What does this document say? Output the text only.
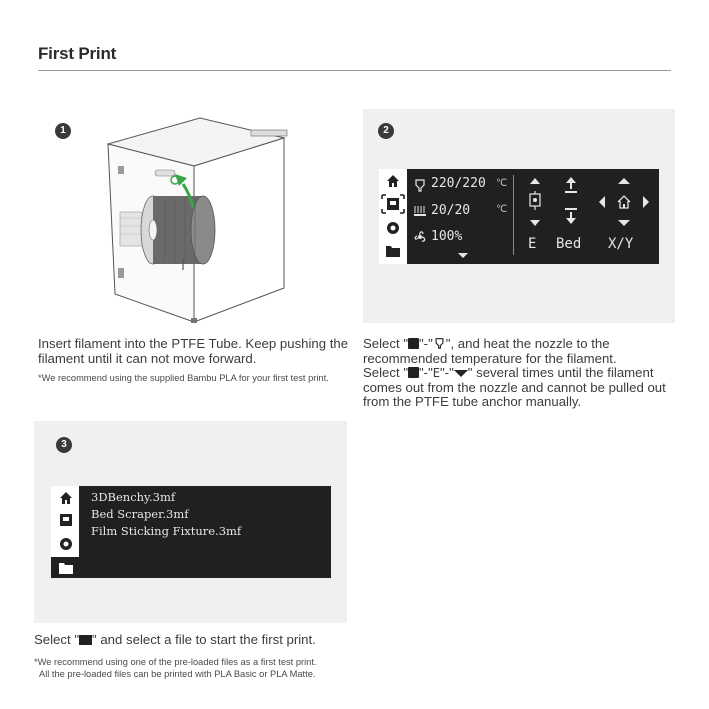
First Print
1
Insert filament into the PTFE Tube. Keep pushing the filament until it can not move forward.
*We recommend using the supplied Bambu PLA for your first test print.
2
220/220 ℃
20/20	℃
100%	E Bed X/Y
Select " "-" ", and heat the nozzle to the recommended temperature for the filament.
Select " "-"E"-" " several times until the filament comes out from the nozzle and cannot be pulled out from the PTFE tube anchor manually.
3
3DBenchy.3mf
Bed Scraper.3mf
Film Sticking Fixture.3mf
Select " " and select a file to start the first print.
*We recommend using one of the pre-loaded files as a first test print.
All the pre-loaded files can be printed with PLA Basic or PLA Matte.
